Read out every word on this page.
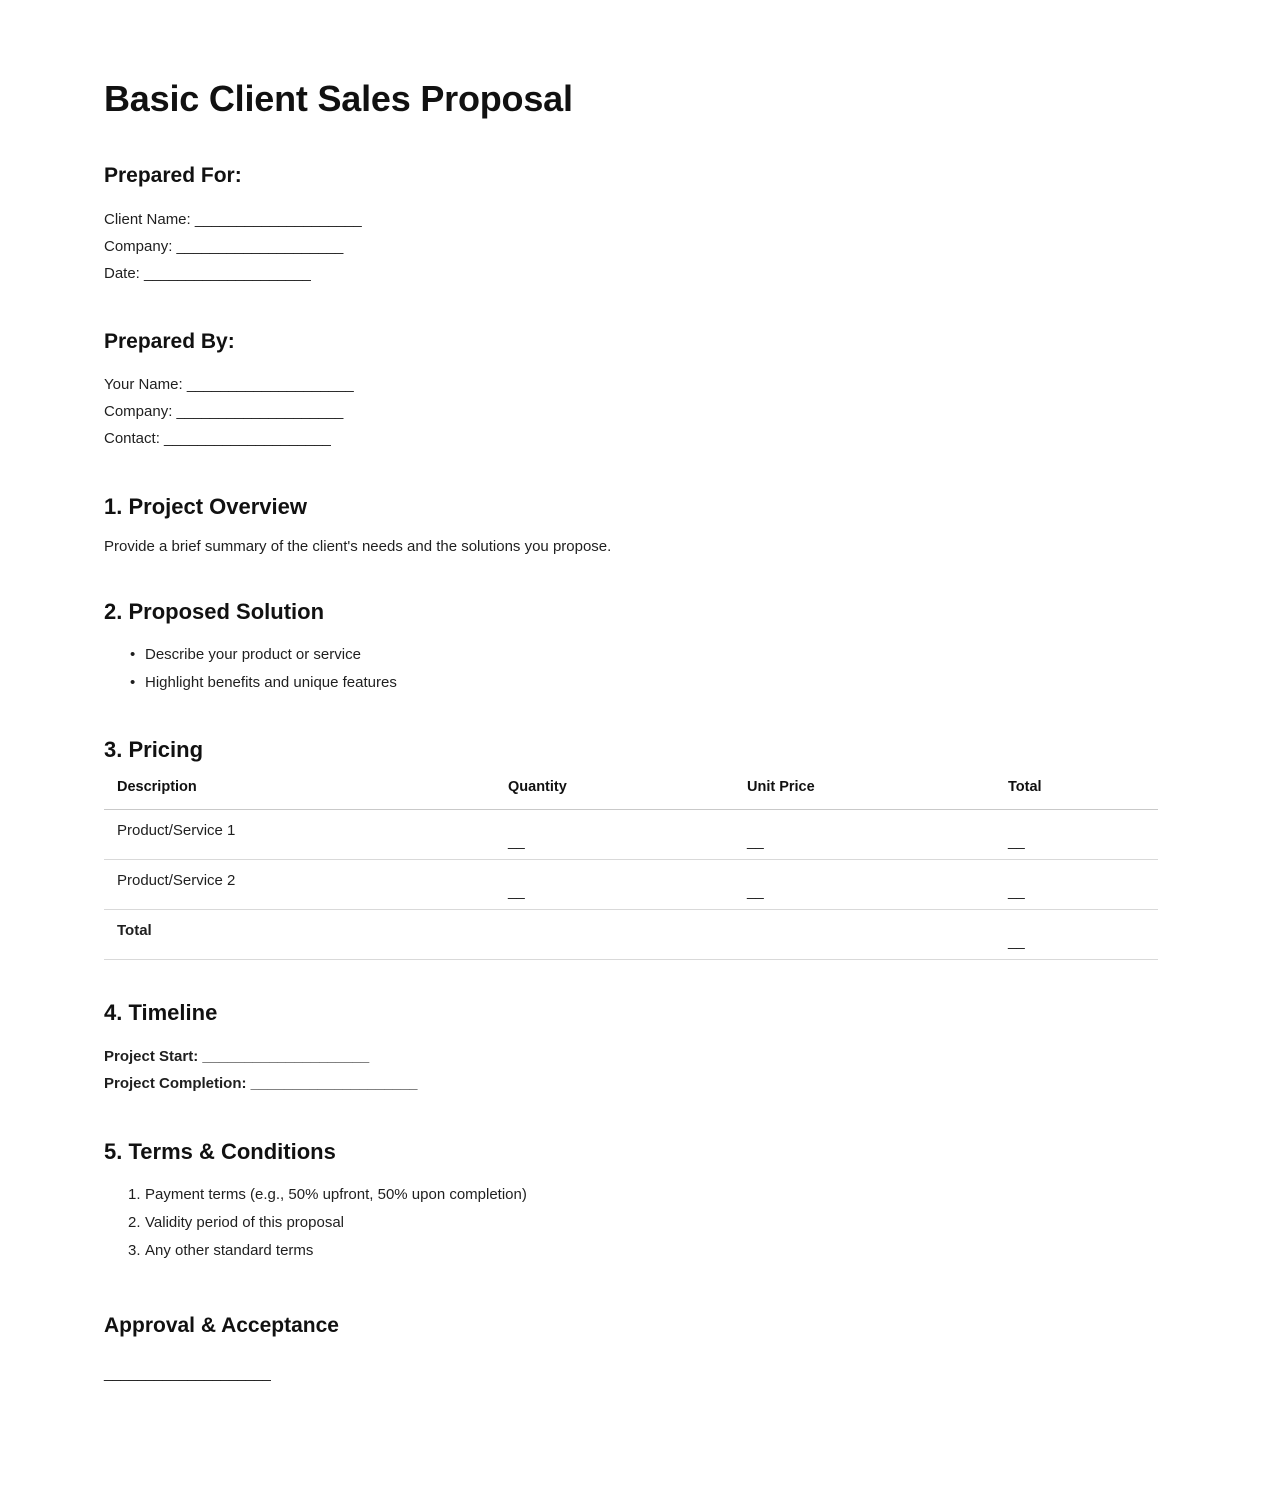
Basic Client Sales Proposal
Prepared For:
Client Name: ____________________
Company: ____________________
Date: ____________________
Prepared By:
Your Name: ____________________
Company: ____________________
Contact: ____________________
1. Project Overview

Provide a brief summary of the client's needs and the solutions you propose.

2. Proposed Solution
• Describe your product or service
• Highlight benefits and unique features
3. Pricing
Description	Quantity	Unit Price	Total
Product/Service 1	__	__	__
Product/Service 2	__	__	__
Total			__
4. Timeline
Project Start: ____________________
Project Completion: ____________________
5. Terms & Conditions
Payment terms (e.g., 50% upfront, 50% upon completion)
Validity period of this proposal
Any other standard terms
Approval & Acceptance
____________________
